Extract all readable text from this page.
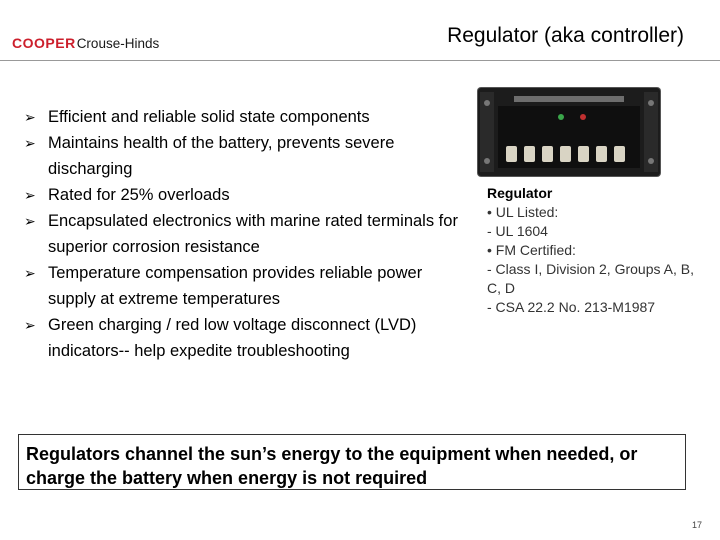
COOPERCrouse-Hinds	Regulator (aka controller)
➢ Efficient and reliable solid state components
➢ Maintains health of the battery, prevents severe discharging
➢ Rated for 25% overloads
➢ Encapsulated electronics with marine rated terminals for superior corrosion resistance
➢ Temperature compensation provides reliable power supply at extreme temperatures
➢ Green charging / red low voltage disconnect (LVD) indicators-- help expedite troubleshooting
Regulator
• UL Listed:
- UL 1604
• FM Certified:
- Class I, Division 2, Groups A, B, C, D
- CSA 22.2 No. 213-M1987
Regulators channel the sun’s energy to the equipment when needed, or charge the battery when energy is not required
17
